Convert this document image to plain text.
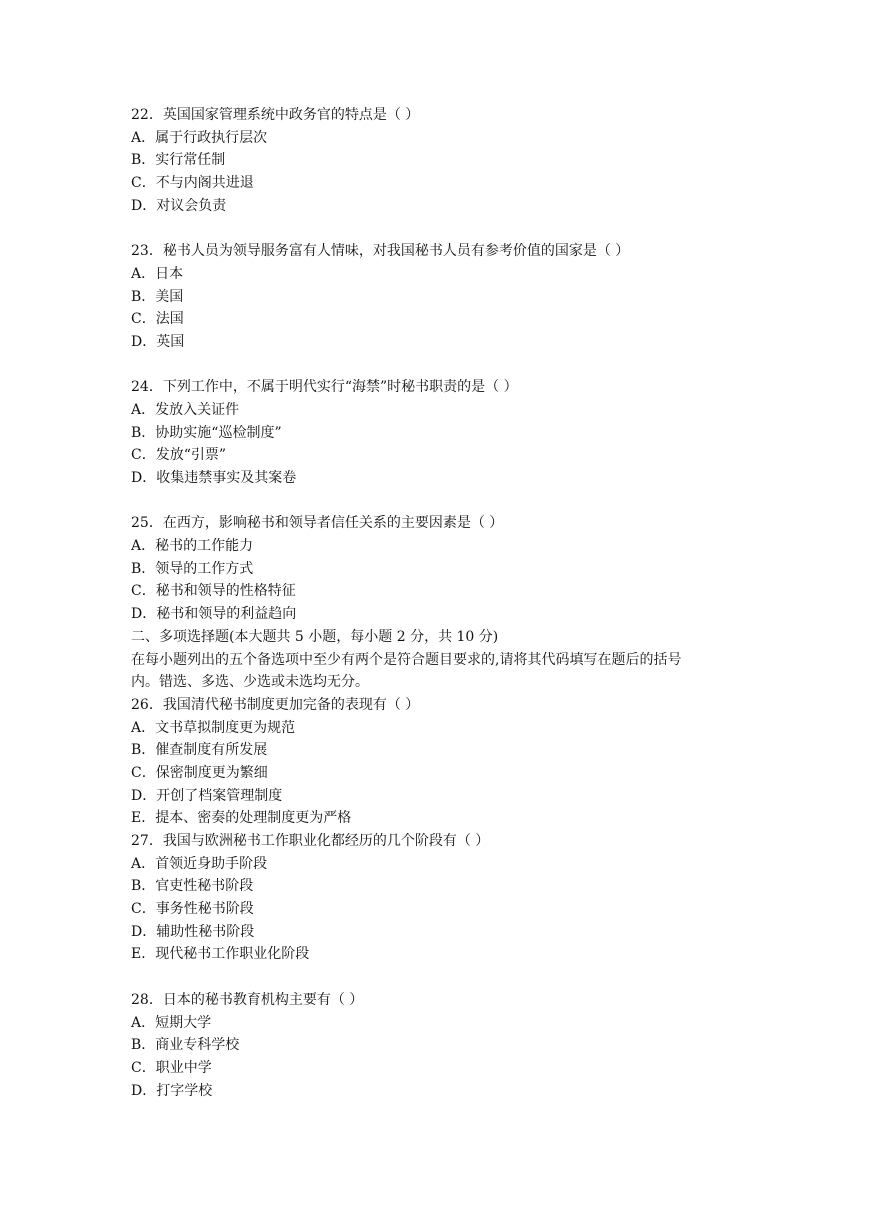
22．英国国家管理系统中政务官的特点是（ ）
A．属于行政执行层次
B．实行常任制
C．不与内阁共进退
D．对议会负责
23．秘书人员为领导服务富有人情味，对我国秘书人员有参考价值的国家是（ ）
A．日本
B．美国
C．法国
D．英国
24．下列工作中，不属于明代实行“海禁”时秘书职责的是（ ）
A．发放入关证件
B．协助实施“巡检制度”
C．发放“引票”
D．收集违禁事实及其案卷
25．在西方，影响秘书和领导者信任关系的主要因素是（ ）
A．秘书的工作能力
B．领导的工作方式
C．秘书和领导的性格特征
D．秘书和领导的利益趋向
二、多项选择题(本大题共 5 小题，每小题 2 分，共 10 分)
在每小题列出的五个备选项中至少有两个是符合题目要求的,请将其代码填写在题后的括号
内。错选、多选、少选或未选均无分。
26．我国清代秘书制度更加完备的表现有（ ）
A．文书草拟制度更为规范
B．催查制度有所发展
C．保密制度更为繁细
D．开创了档案管理制度
E．提本、密奏的处理制度更为严格
27．我国与欧洲秘书工作职业化都经历的几个阶段有（ ）
A．首领近身助手阶段
B．官吏性秘书阶段
C．事务性秘书阶段
D．辅助性秘书阶段
E．现代秘书工作职业化阶段
28．日本的秘书教育机构主要有（ ）
A．短期大学
B．商业专科学校
C．职业中学
D．打字学校
